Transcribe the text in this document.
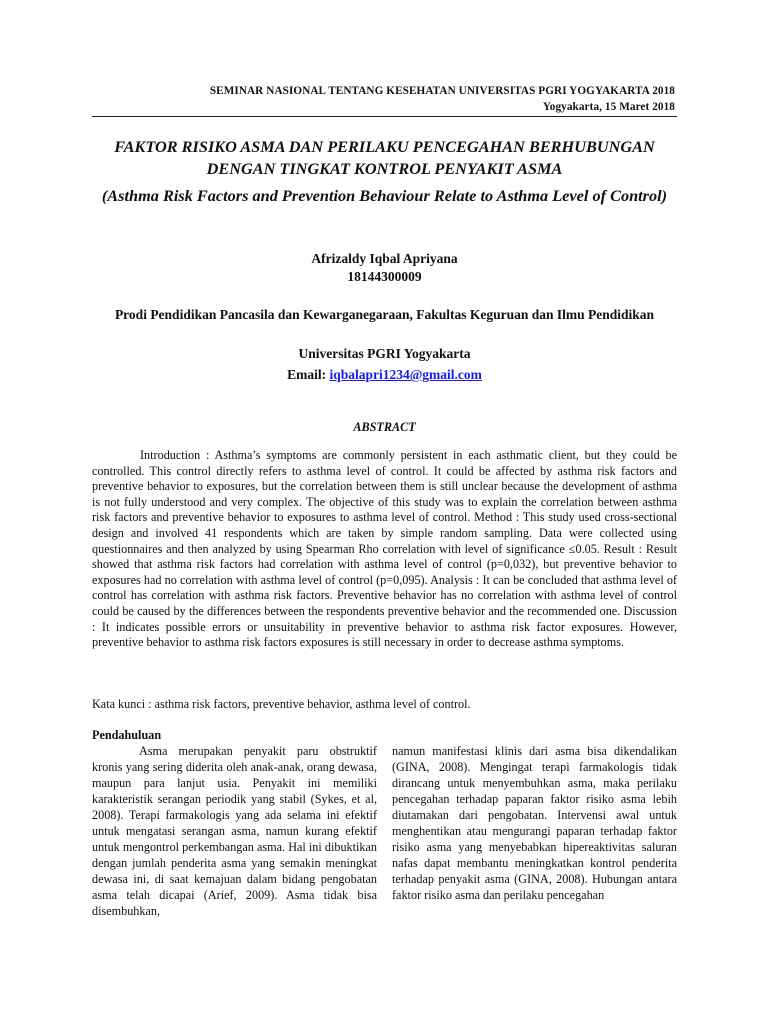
SEMINAR NASIONAL TENTANG KESEHATAN UNIVERSITAS PGRI YOGYAKARTA 2018
Yogyakarta, 15 Maret 2018
FAKTOR RISIKO ASMA DAN PERILAKU PENCEGAHAN BERHUBUNGAN DENGAN TINGKAT KONTROL PENYAKIT ASMA
(Asthma Risk Factors and Prevention Behaviour Relate to Asthma Level of Control)
Afrizaldy Iqbal Apriyana
18144300009
Prodi Pendidikan Pancasila dan Kewarganegaraan, Fakultas Keguruan dan Ilmu Pendidikan
Universitas PGRI Yogyakarta
Email: iqbalapri1234@gmail.com
ABSTRACT

Introduction : Asthma’s symptoms are commonly persistent in each asthmatic client, but they could be controlled. This control directly refers to asthma level of control. It could be affected by asthma risk factors and preventive behavior to exposures, but the correlation between them is still unclear because the development of asthma is not fully understood and very complex. The objective of this study was to explain the correlation between asthma risk factors and preventive behavior to exposures to asthma level of control. Method : This study used cross-sectional design and involved 41 respondents which are taken by simple random sampling. Data were collected using questionnaires and then analyzed by using Spearman Rho correlation with level of significance ≤0.05. Result : Result showed that asthma risk factors had correlation with asthma level of control (p=0,032), but preventive behavior to exposures had no correlation with asthma level of control (p=0,095). Analysis : It can be concluded that asthma level of control has correlation with asthma risk factors. Preventive behavior has no correlation with asthma level of control could be caused by the differences between the respondents preventive behavior and the recommended one. Discussion : It indicates possible errors or unsuitability in preventive behavior to asthma risk factor exposures. However, preventive behavior to asthma risk factors exposures is still necessary in order to decrease asthma symptoms.

Kata kunci : asthma risk factors, preventive behavior, asthma level of control.
Pendahuluan

Asma merupakan penyakit paru obstruktif kronis yang sering diderita oleh anak-anak, orang dewasa, maupun para lanjut usia. Penyakit ini memiliki karakteristik serangan periodik yang stabil (Sykes, et al, 2008). Terapi farmakologis yang ada selama ini efektif untuk mengatasi serangan asma, namun kurang efektif untuk mengontrol perkembangan asma. Hal ini dibuktikan dengan jumlah penderita asma yang semakin meningkat dewasa ini, di saat kemajuan dalam bidang pengobatan asma telah dicapai (Arief, 2009). Asma tidak bisa disembuhkan,

namun manifestasi klinis dari asma bisa dikendalikan (GINA, 2008). Mengingat terapi farmakologis tidak dirancang untuk menyembuhkan asma, maka perilaku pencegahan terhadap paparan faktor risiko asma lebih diutamakan dari pengobatan. Intervensi awal untuk menghentikan atau mengurangi paparan terhadap faktor risiko asma yang menyebabkan hipereaktivitas saluran nafas dapat membantu meningkatkan kontrol penderita terhadap penyakit asma (GINA, 2008). Hubungan antara faktor risiko asma dan perilaku pencegahan
